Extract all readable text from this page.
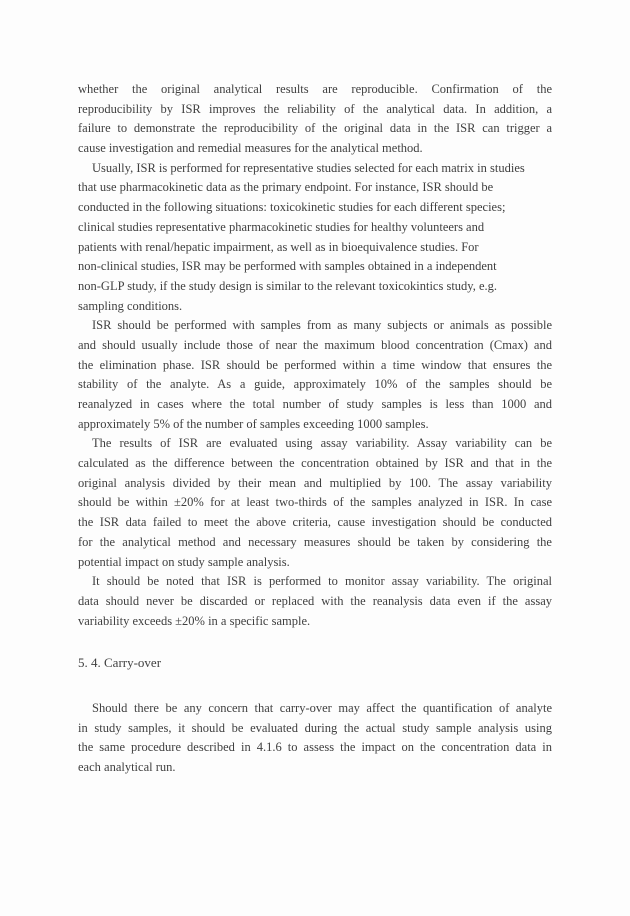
whether the original analytical results are reproducible. Confirmation of the
reproducibility by ISR improves the reliability of the analytical data. In addition, a
failure to demonstrate the reproducibility of the original data in the ISR can trigger a
cause investigation and remedial measures for the analytical method.
Usually, ISR is performed for representative studies selected for each matrix in studies
that use pharmacokinetic data as the primary endpoint. For instance, ISR should be
conducted in the following situations: toxicokinetic studies for each different species;
clinical studies representative pharmacokinetic studies for healthy volunteers and
patients with renal/hepatic impairment, as well as in bioequivalence studies. For
non-clinical studies, ISR may be performed with samples obtained in a independent
non-GLP study, if the study design is similar to the relevant toxicokintics study, e.g.
sampling conditions.
ISR should be performed with samples from as many subjects or animals as possible
and should usually include those of near the maximum blood concentration (Cmax) and
the elimination phase. ISR should be performed within a time window that ensures the
stability of the analyte. As a guide, approximately 10% of the samples should be
reanalyzed in cases where the total number of study samples is less than 1000 and
approximately 5% of the number of samples exceeding 1000 samples.
The results of ISR are evaluated using assay variability. Assay variability can be
calculated as the difference between the concentration obtained by ISR and that in the
original analysis divided by their mean and multiplied by 100. The assay variability
should be within ±20% for at least two-thirds of the samples analyzed in ISR. In case
the ISR data failed to meet the above criteria, cause investigation should be conducted
for the analytical method and necessary measures should be taken by considering the
potential impact on study sample analysis.
It should be noted that ISR is performed to monitor assay variability. The original
data should never be discarded or replaced with the reanalysis data even if the assay
variability exceeds ±20% in a specific sample.
5. 4. Carry-over
Should there be any concern that carry-over may affect the quantification of analyte
in study samples, it should be evaluated during the actual study sample analysis using
the same procedure described in 4.1.6 to assess the impact on the concentration data in
each analytical run.
